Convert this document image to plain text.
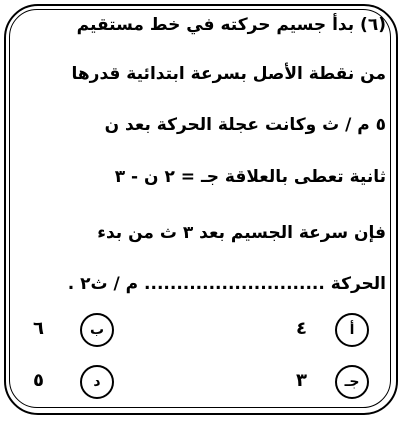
(٦) بدأ جسيم حركته في خط مستقيم
من نقطة الأصل بسرعة ابتدائية قدرها
٥ م / ث وكانت عجلة الحركة بعد ن
ثانية تعطى بالعلاقة جـ = ٢ ن - ٣
فإن سرعة الجسيم بعد ٣ ث من بدء
الحركة ............................ م / ث٢ .
أ
٤
ب
٦
جـ
٣
د
٥
